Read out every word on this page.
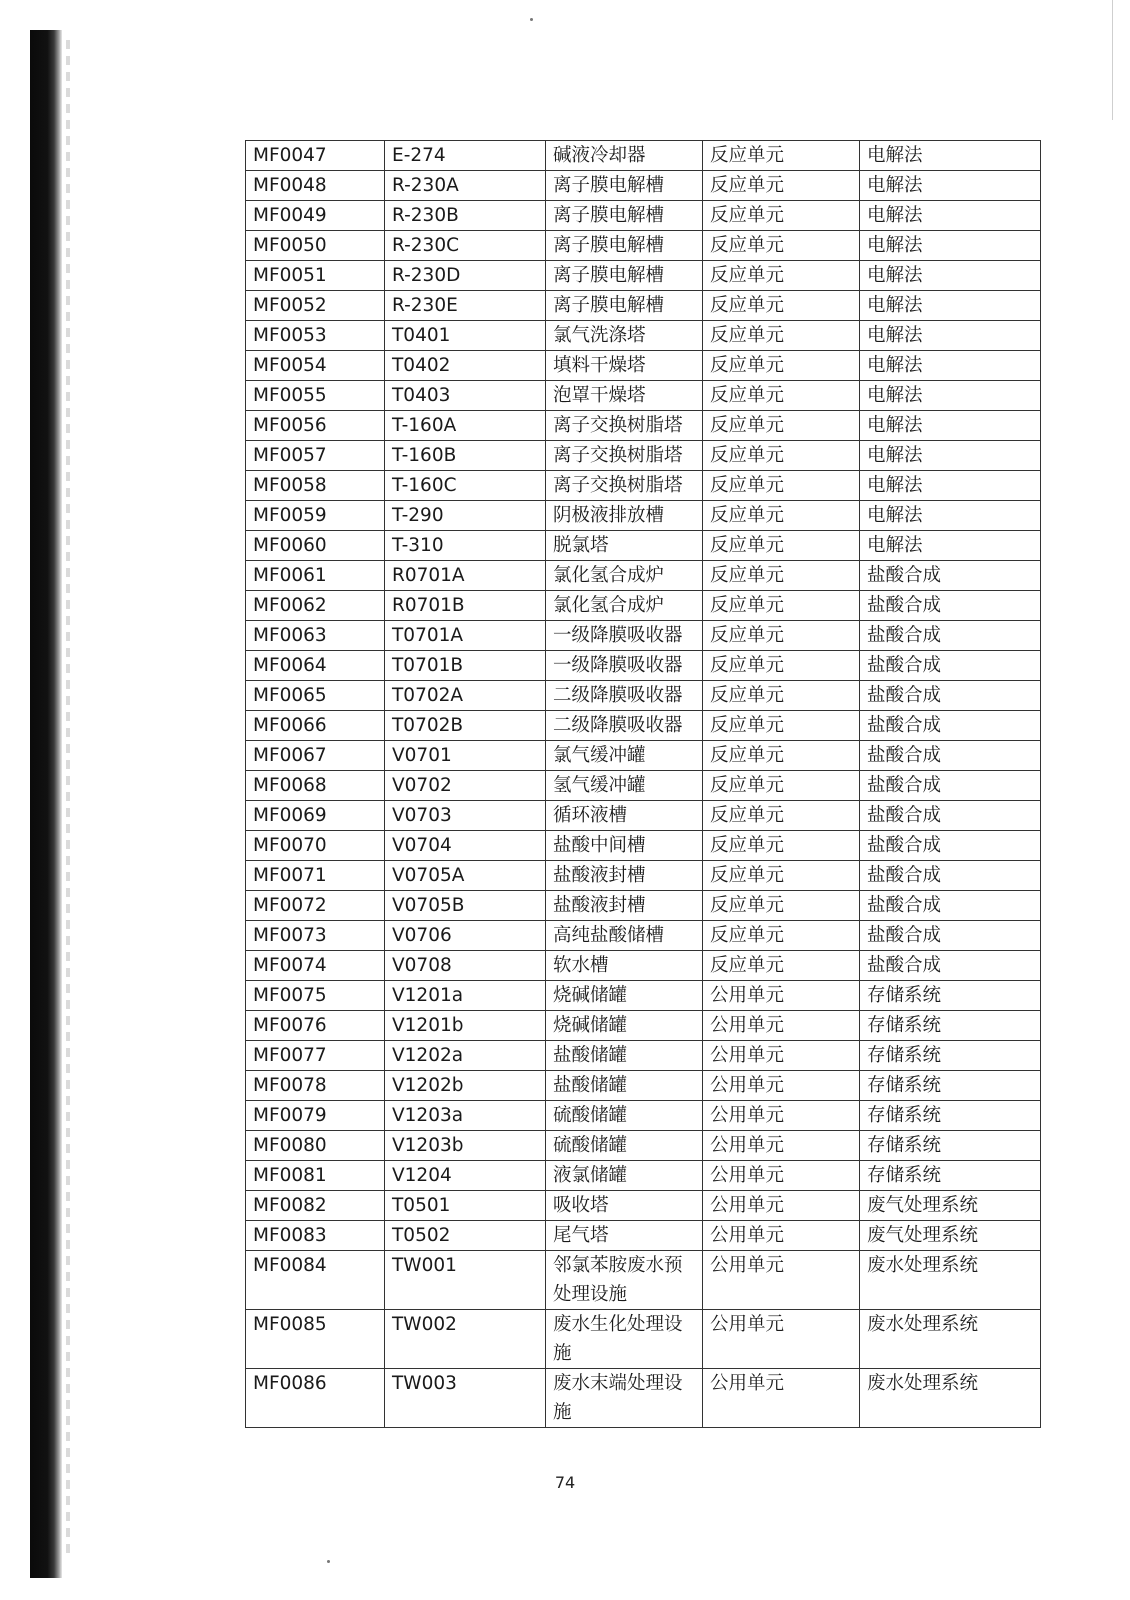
MF0047	E-274	碱液冷却器	反应单元	电解法
MF0048	R-230A	离子膜电解槽	反应单元	电解法
MF0049	R-230B	离子膜电解槽	反应单元	电解法
MF0050	R-230C	离子膜电解槽	反应单元	电解法
MF0051	R-230D	离子膜电解槽	反应单元	电解法
MF0052	R-230E	离子膜电解槽	反应单元	电解法
MF0053	T0401	氯气洗涤塔	反应单元	电解法
MF0054	T0402	填料干燥塔	反应单元	电解法
MF0055	T0403	泡罩干燥塔	反应单元	电解法
MF0056	T-160A	离子交换树脂塔	反应单元	电解法
MF0057	T-160B	离子交换树脂塔	反应单元	电解法
MF0058	T-160C	离子交换树脂塔	反应单元	电解法
MF0059	T-290	阴极液排放槽	反应单元	电解法
MF0060	T-310	脱氯塔	反应单元	电解法
MF0061	R0701A	氯化氢合成炉	反应单元	盐酸合成
MF0062	R0701B	氯化氢合成炉	反应单元	盐酸合成
MF0063	T0701A	一级降膜吸收器	反应单元	盐酸合成
MF0064	T0701B	一级降膜吸收器	反应单元	盐酸合成
MF0065	T0702A	二级降膜吸收器	反应单元	盐酸合成
MF0066	T0702B	二级降膜吸收器	反应单元	盐酸合成
MF0067	V0701	氯气缓冲罐	反应单元	盐酸合成
MF0068	V0702	氢气缓冲罐	反应单元	盐酸合成
MF0069	V0703	循环液槽	反应单元	盐酸合成
MF0070	V0704	盐酸中间槽	反应单元	盐酸合成
MF0071	V0705A	盐酸液封槽	反应单元	盐酸合成
MF0072	V0705B	盐酸液封槽	反应单元	盐酸合成
MF0073	V0706	高纯盐酸储槽	反应单元	盐酸合成
MF0074	V0708	软水槽	反应单元	盐酸合成
MF0075	V1201a	烧碱储罐	公用单元	存储系统
MF0076	V1201b	烧碱储罐	公用单元	存储系统
MF0077	V1202a	盐酸储罐	公用单元	存储系统
MF0078	V1202b	盐酸储罐	公用单元	存储系统
MF0079	V1203a	硫酸储罐	公用单元	存储系统
MF0080	V1203b	硫酸储罐	公用单元	存储系统
MF0081	V1204	液氯储罐	公用单元	存储系统
MF0082	T0501	吸收塔	公用单元	废气处理系统
MF0083	T0502	尾气塔	公用单元	废气处理系统
MF0084	TW001	邻氯苯胺废水预处理设施	公用单元	废水处理系统
MF0085	TW002	废水生化处理设施	公用单元	废水处理系统
MF0086	TW003	废水末端处理设施	公用单元	废水处理系统
74
